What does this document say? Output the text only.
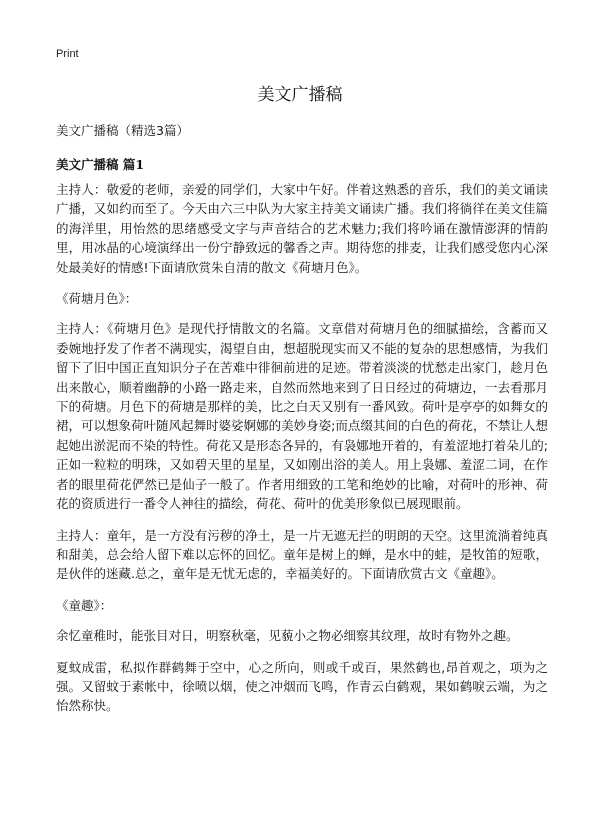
Print
美文广播稿
美文广播稿（精选3篇）
美文广播稿 篇1

主持人：敬爱的老师，亲爱的同学们，大家中午好。伴着这熟悉的音乐，我们的美文诵读广播，又如约而至了。今天由六三中队为大家主持美文诵读广播。我们将徜徉在美文佳篇的海洋里，用怡然的思绪感受文字与声音结合的艺术魅力;我们将吟诵在激情澎湃的情韵里，用冰晶的心境演绎出一份宁静致远的馨香之声。期待您的排麦，让我们感受您内心深处最美好的情感!下面请欣赏朱自清的散文《荷塘月色》。

《荷塘月色》：

主持人：《荷塘月色》是现代抒情散文的名篇。文章借对荷塘月色的细腻描绘，含蓄而又委婉地抒发了作者不满现实，渴望自由，想超脱现实而又不能的复杂的思想感情，为我们留下了旧中国正直知识分子在苦难中徘徊前进的足迹。带着淡淡的忧愁走出家门，趁月色出来散心，顺着幽静的小路一路走来，自然而然地来到了日日经过的荷塘边，一去看那月下的荷塘。月色下的荷塘是那样的美，比之白天又别有一番风致。荷叶是亭亭的如舞女的裙，可以想象荷叶随风起舞时婆娑婀娜的美妙身姿;而点缀其间的白色的荷花，不禁让人想起她出淤泥而不染的特性。荷花又是形态各异的，有袅娜地开着的，有羞涩地打着朵儿的;正如一粒粒的明珠，又如碧天里的星星，又如刚出浴的美人。用上袅娜、羞涩二词，在作者的眼里荷花俨然已是仙子一般了。作者用细致的工笔和绝妙的比喻，对荷叶的形神、荷花的资质进行一番令人神往的描绘，荷花、荷叶的优美形象似已展现眼前。

主持人：童年，是一方没有污秽的净土，是一片无遮无拦的明朗的天空。这里流淌着纯真和甜美，总会给人留下难以忘怀的回忆。童年是树上的蝉，是水中的蛙，是牧笛的短歌，是伙伴的迷藏.总之，童年是无忧无虑的，幸福美好的。下面请欣赏古文《童趣》。

《童趣》：

余忆童稚时，能张目对日，明察秋毫，见藐小之物必细察其纹理，故时有物外之趣。

夏蚊成雷，私拟作群鹤舞于空中，心之所向，则或千或百，果然鹤也,昂首观之，项为之强。又留蚊于素帐中，徐喷以烟，使之冲烟而飞鸣，作青云白鹤观，果如鹤唳云端，为之怡然称快。
